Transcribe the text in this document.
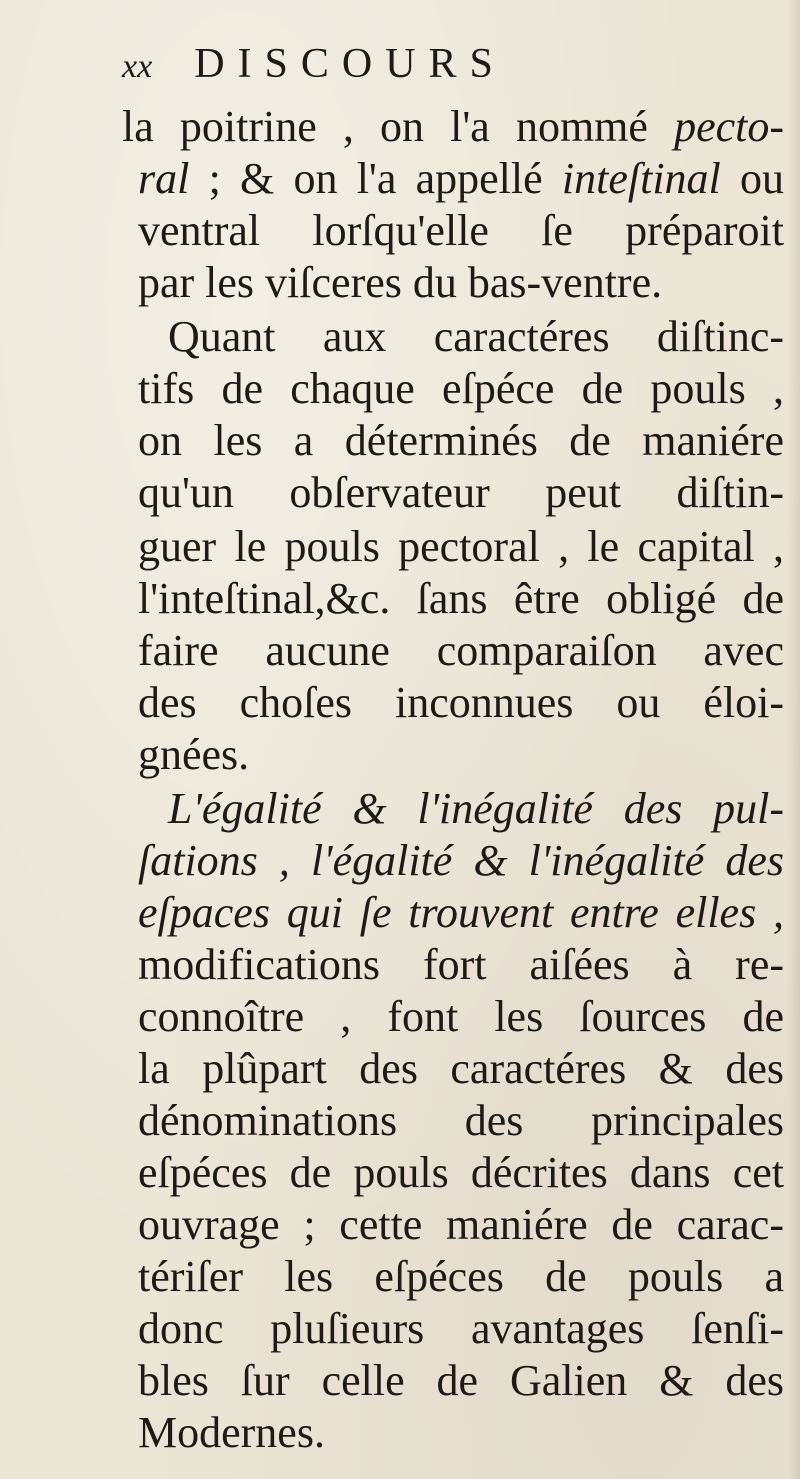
xx DISCOURS
la poitrine , on l'a nommé pecto-
ral ; & on l'a appellé inteſtinal ou
ventral lorſqu'elle ſe préparoit
par les viſceres du bas-ventre.
Quant aux caractéres diſtinc-
tifs de chaque eſpéce de pouls ,
on les a déterminés de maniére
qu'un obſervateur peut diſtin-
guer le pouls pectoral , le capital ,
l'inteſtinal,&c. ſans être obligé de
faire aucune comparaiſon avec
des choſes inconnues ou éloi-
gnées.
L'égalité & l'inégalité des pul-
ſations , l'égalité & l'inégalité des
eſpaces qui ſe trouvent entre elles ,
modifications fort aiſées à re-
connoître , font les ſources de
la plûpart des caractéres & des
dénominations des principales
eſpéces de pouls décrites dans cet
ouvrage ; cette maniére de carac-
tériſer les eſpéces de pouls a
donc pluſieurs avantages ſenſi-
bles ſur celle de Galien & des
Modernes.
